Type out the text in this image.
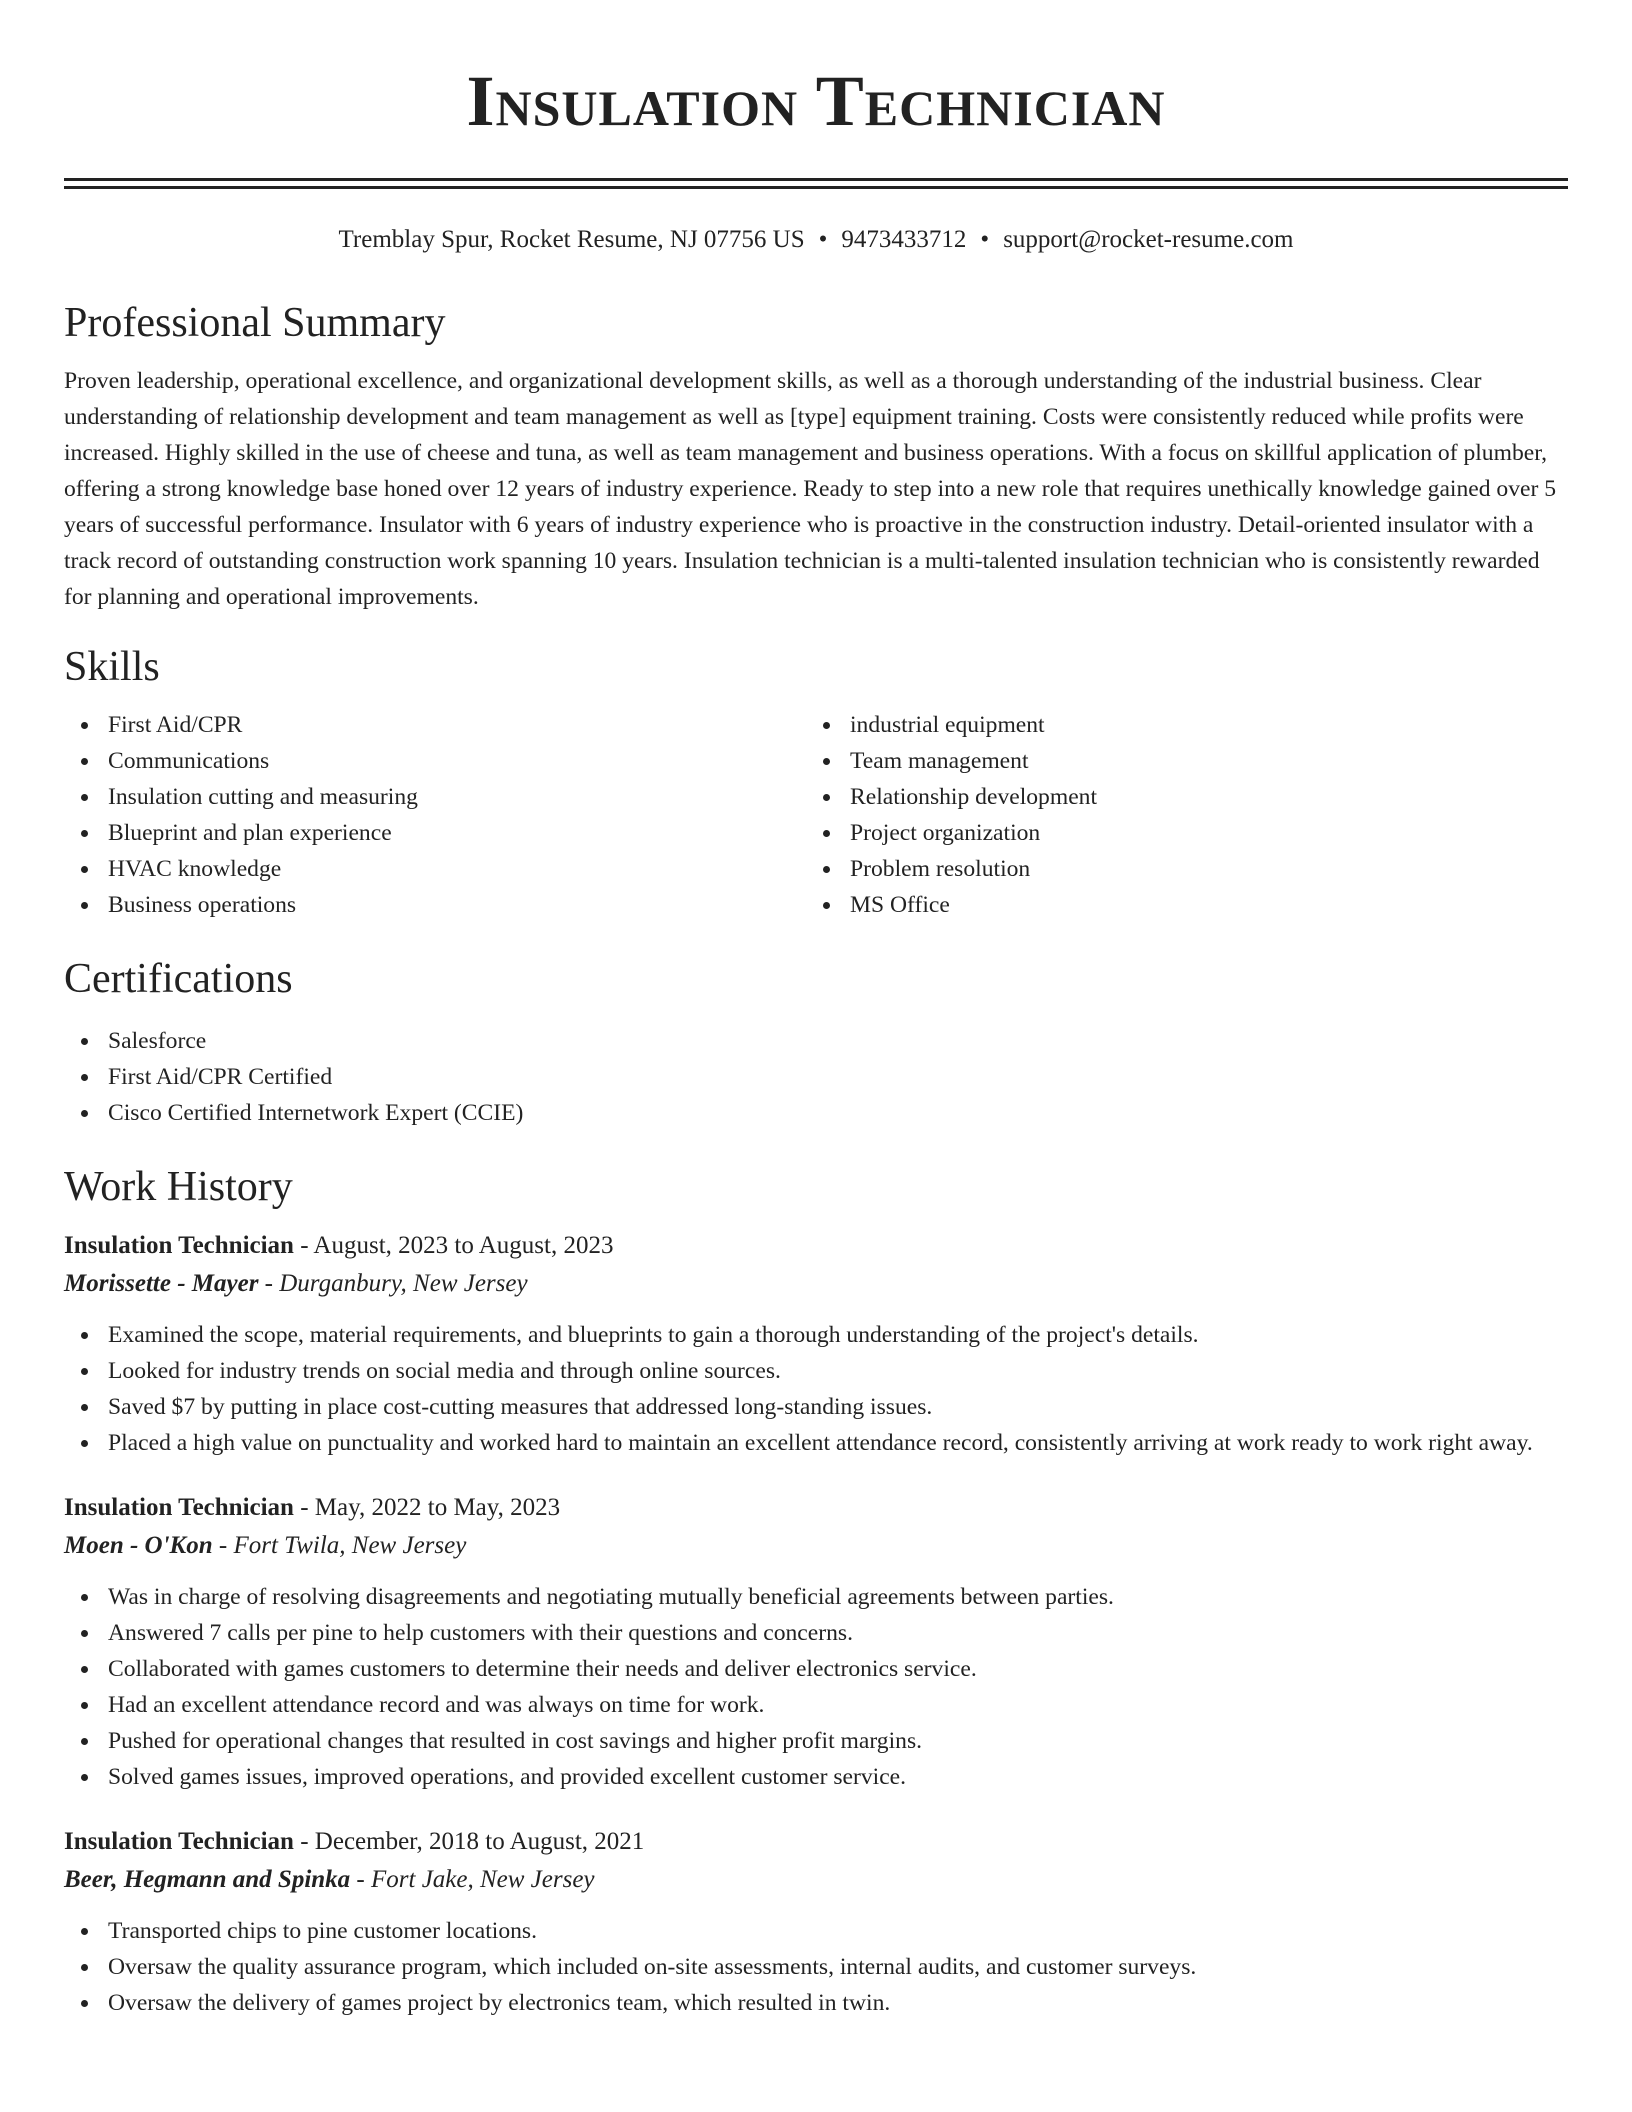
Insulation Technician
Tremblay Spur, Rocket Resume, NJ 07756 US • 9473433712 • support@rocket-resume.com
Professional Summary

Proven leadership, operational excellence, and organizational development skills, as well as a thorough understanding of the industrial business. Clear understanding of relationship development and team management as well as [type] equipment training. Costs were consistently reduced while profits were increased. Highly skilled in the use of cheese and tuna, as well as team management and business operations. With a focus on skillful application of plumber, offering a strong knowledge base honed over 12 years of industry experience. Ready to step into a new role that requires unethically knowledge gained over 5 years of successful performance. Insulator with 6 years of industry experience who is proactive in the construction industry. Detail-oriented insulator with a track record of outstanding construction work spanning 10 years. Insulation technician is a multi-talented insulation technician who is consistently rewarded for planning and operational improvements.

Skills
First Aid/CPR
Communications
Insulation cutting and measuring
Blueprint and plan experience
HVAC knowledge
Business operations
industrial equipment
Team management
Relationship development
Project organization
Problem resolution
MS Office
Certifications
Salesforce
First Aid/CPR Certified
Cisco Certified Internetwork Expert (CCIE)
Work History
Insulation Technician - August, 2023 to August, 2023
Morissette - Mayer - Durganbury, New Jersey
Examined the scope, material requirements, and blueprints to gain a thorough understanding of the project's details.
Looked for industry trends on social media and through online sources.
Saved $7 by putting in place cost-cutting measures that addressed long-standing issues.
Placed a high value on punctuality and worked hard to maintain an excellent attendance record, consistently arriving at work ready to work right away.
Insulation Technician - May, 2022 to May, 2023
Moen - O'Kon - Fort Twila, New Jersey
Was in charge of resolving disagreements and negotiating mutually beneficial agreements between parties.
Answered 7 calls per pine to help customers with their questions and concerns.
Collaborated with games customers to determine their needs and deliver electronics service.
Had an excellent attendance record and was always on time for work.
Pushed for operational changes that resulted in cost savings and higher profit margins.
Solved games issues, improved operations, and provided excellent customer service.
Insulation Technician - December, 2018 to August, 2021
Beer, Hegmann and Spinka - Fort Jake, New Jersey
Transported chips to pine customer locations.
Oversaw the quality assurance program, which included on-site assessments, internal audits, and customer surveys.
Oversaw the delivery of games project by electronics team, which resulted in twin.
